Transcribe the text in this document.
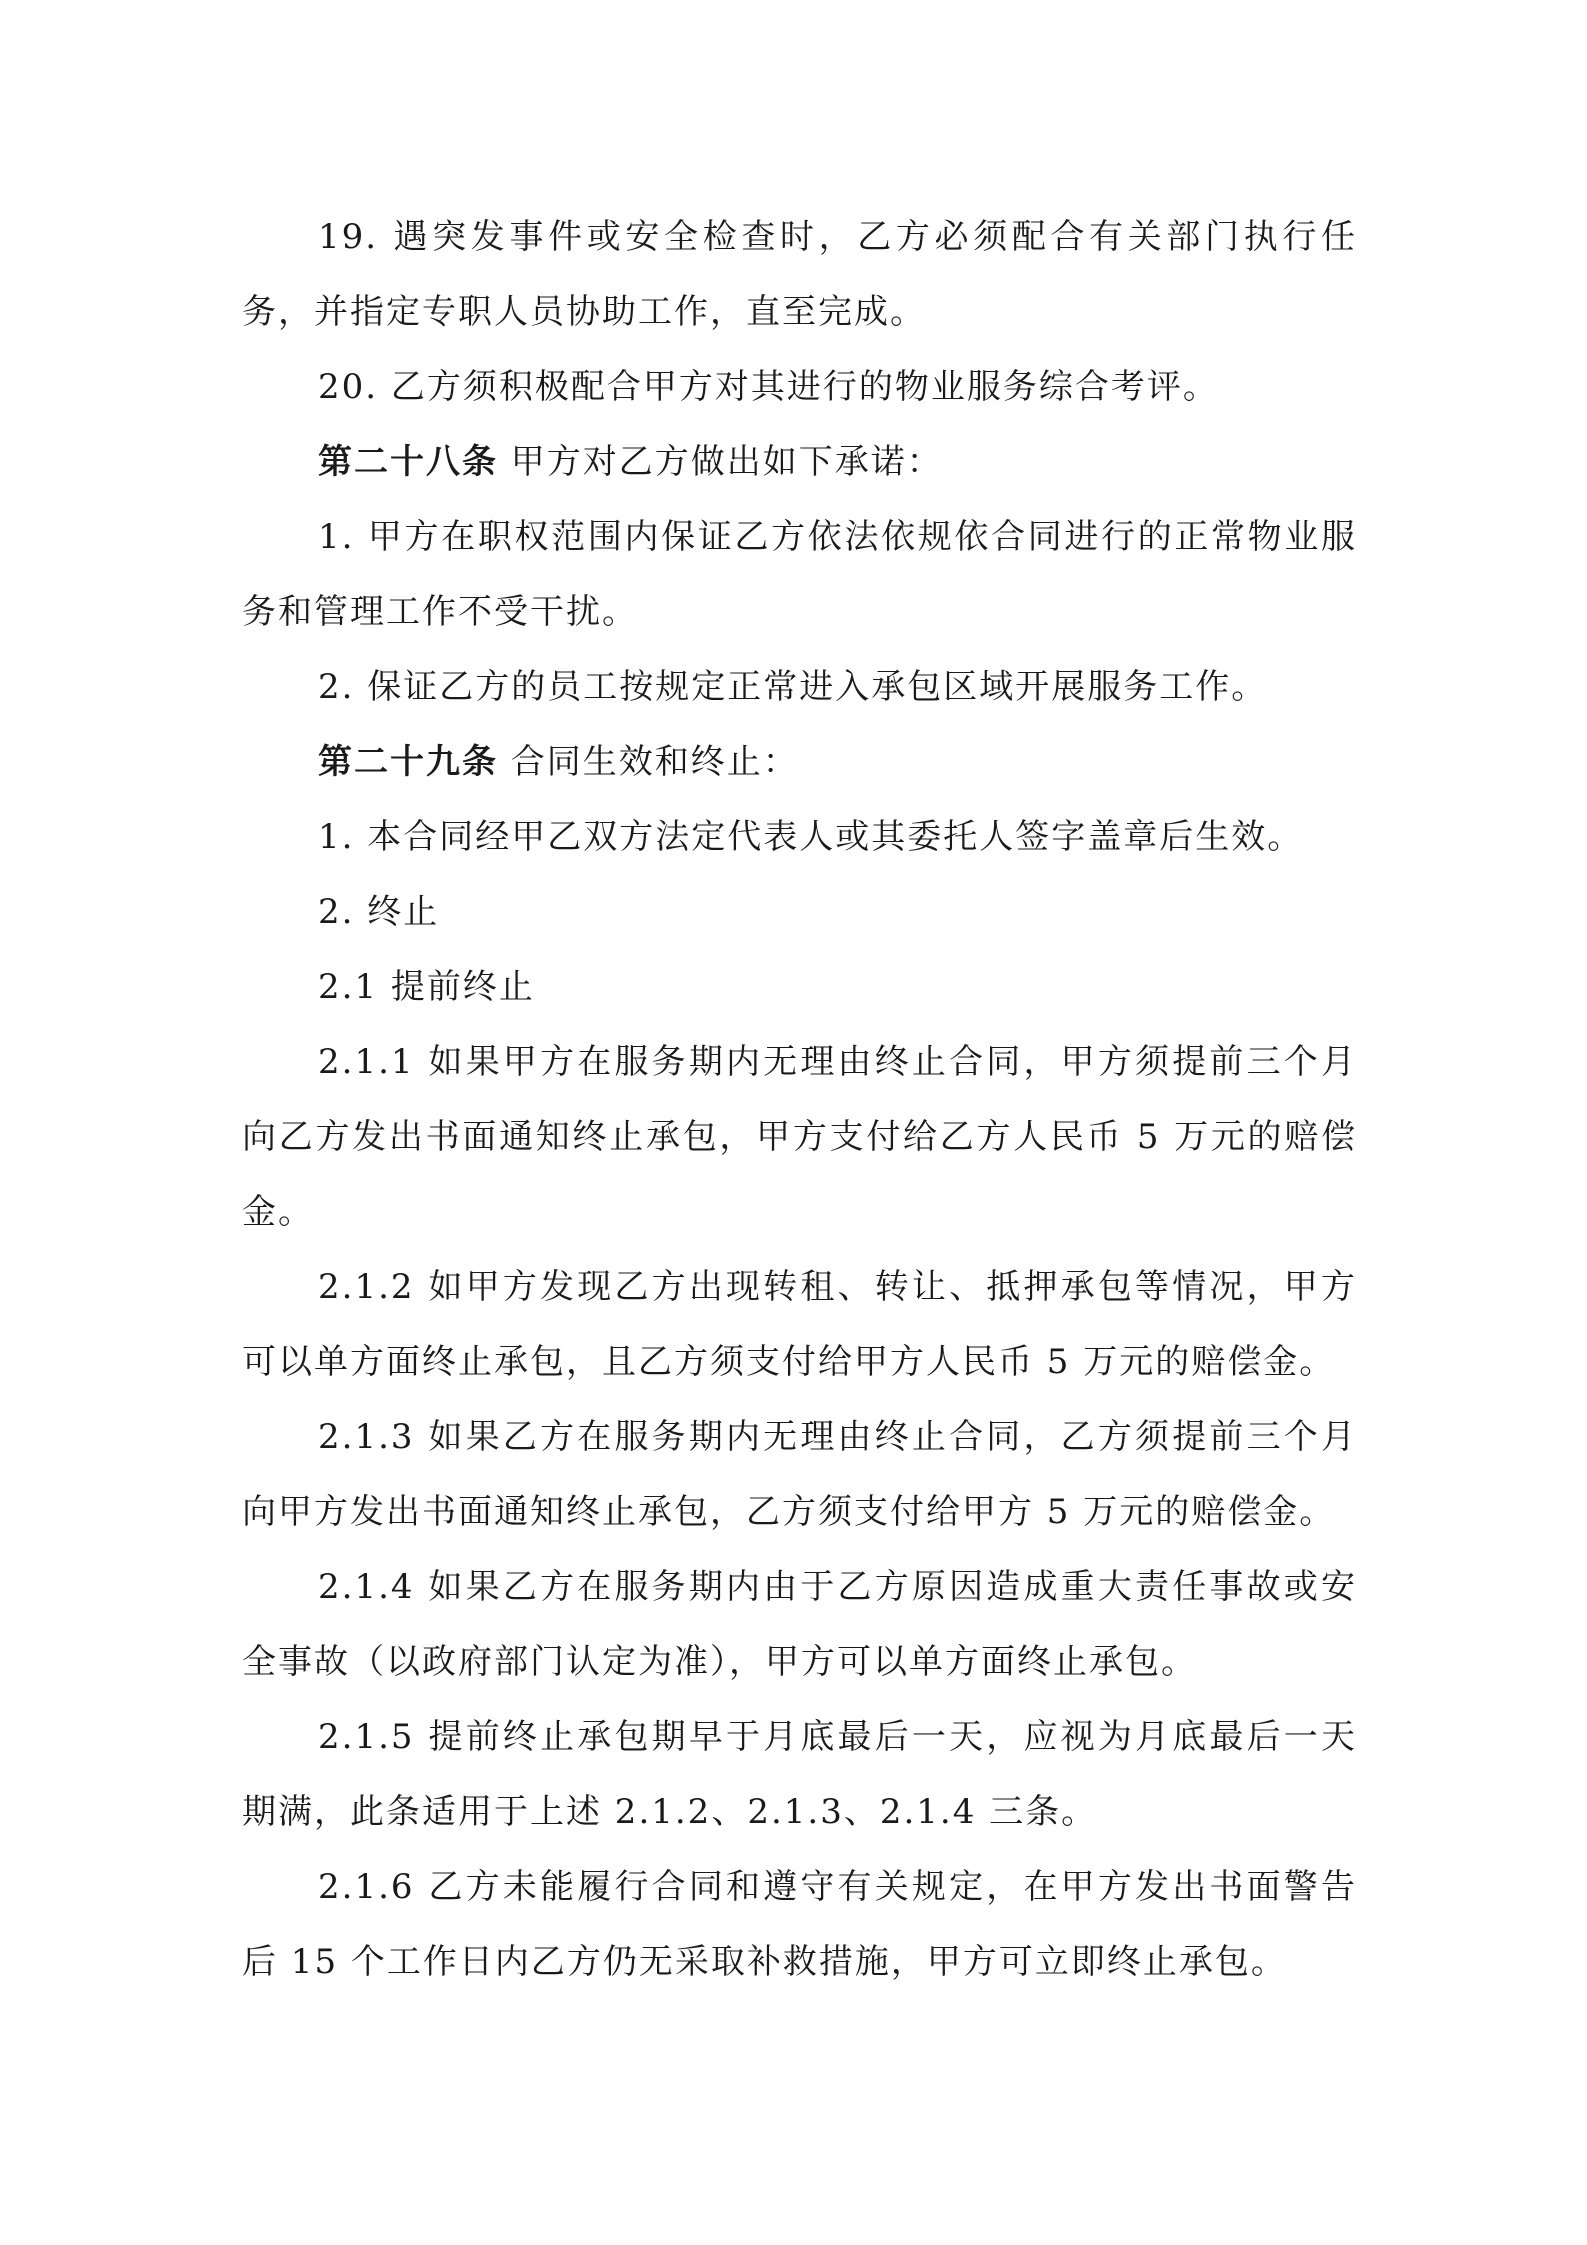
19. 遇突发事件或安全检查时，乙方必须配合有关部门执行任务，并指定专职人员协助工作，直至完成。

20. 乙方须积极配合甲方对其进行的物业服务综合考评。

第二十八条 甲方对乙方做出如下承诺：

1. 甲方在职权范围内保证乙方依法依规依合同进行的正常物业服务和管理工作不受干扰。

2. 保证乙方的员工按规定正常进入承包区域开展服务工作。

第二十九条 合同生效和终止：

1. 本合同经甲乙双方法定代表人或其委托人签字盖章后生效。

2. 终止

2.1 提前终止

2.1.1 如果甲方在服务期内无理由终止合同，甲方须提前三个月向乙方发出书面通知终止承包，甲方支付给乙方人民币 5 万元的赔偿金。

2.1.2 如甲方发现乙方出现转租、转让、抵押承包等情况，甲方可以单方面终止承包，且乙方须支付给甲方人民币 5 万元的赔偿金。

2.1.3 如果乙方在服务期内无理由终止合同，乙方须提前三个月向甲方发出书面通知终止承包，乙方须支付给甲方 5 万元的赔偿金。

2.1.4 如果乙方在服务期内由于乙方原因造成重大责任事故或安全事故（以政府部门认定为准），甲方可以单方面终止承包。

2.1.5 提前终止承包期早于月底最后一天，应视为月底最后一天期满，此条适用于上述 2.1.2、2.1.3、2.1.4 三条。

2.1.6 乙方未能履行合同和遵守有关规定，在甲方发出书面警告后 15 个工作日内乙方仍无采取补救措施，甲方可立即终止承包。
